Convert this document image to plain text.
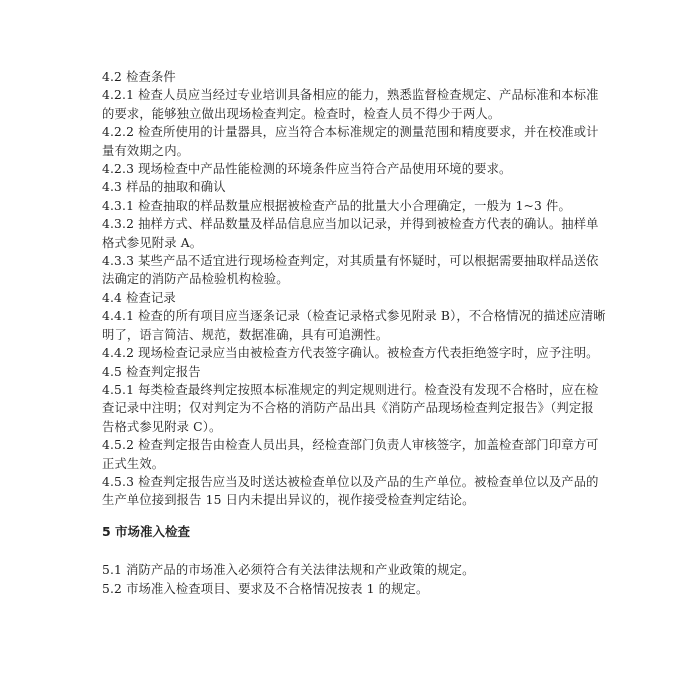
4.2 检查条件
4.2.1 检查人员应当经过专业培训具备相应的能力，熟悉监督检查规定、产品标准和本标准
的要求，能够独立做出现场检查判定。检查时，检查人员不得少于两人。
4.2.2 检查所使用的计量器具，应当符合本标准规定的测量范围和精度要求，并在校准或计
量有效期之内。
4.2.3 现场检查中产品性能检测的环境条件应当符合产品使用环境的要求。
4.3 样品的抽取和确认
4.3.1 检查抽取的样品数量应根据被检查产品的批量大小合理确定，一般为 1~3 件。
4.3.2 抽样方式、样品数量及样品信息应当加以记录，并得到被检查方代表的确认。抽样单
格式参见附录 A。
4.3.3 某些产品不适宜进行现场检查判定，对其质量有怀疑时，可以根据需要抽取样品送依
法确定的消防产品检验机构检验。
4.4 检查记录
4.4.1 检查的所有项目应当逐条记录（检查记录格式参见附录 B），不合格情况的描述应清晰
明了，语言简洁、规范，数据准确，具有可追溯性。
4.4.2 现场检查记录应当由被检查方代表签字确认。被检查方代表拒绝签字时，应予注明。
4.5 检查判定报告
4.5.1 每类检查最终判定按照本标准规定的判定规则进行。检查没有发现不合格时，应在检
查记录中注明；仅对判定为不合格的消防产品出具《消防产品现场检查判定报告》（判定报
告格式参见附录 C）。
4.5.2 检查判定报告由检查人员出具，经检查部门负责人审核签字，加盖检查部门印章方可
正式生效。
4.5.3 检查判定报告应当及时送达被检查单位以及产品的生产单位。被检查单位以及产品的
生产单位接到报告 15 日内未提出异议的，视作接受检查判定结论。
5 市场准入检查
5.1 消防产品的市场准入必须符合有关法律法规和产业政策的规定。
5.2 市场准入检查项目、要求及不合格情况按表 1 的规定。
